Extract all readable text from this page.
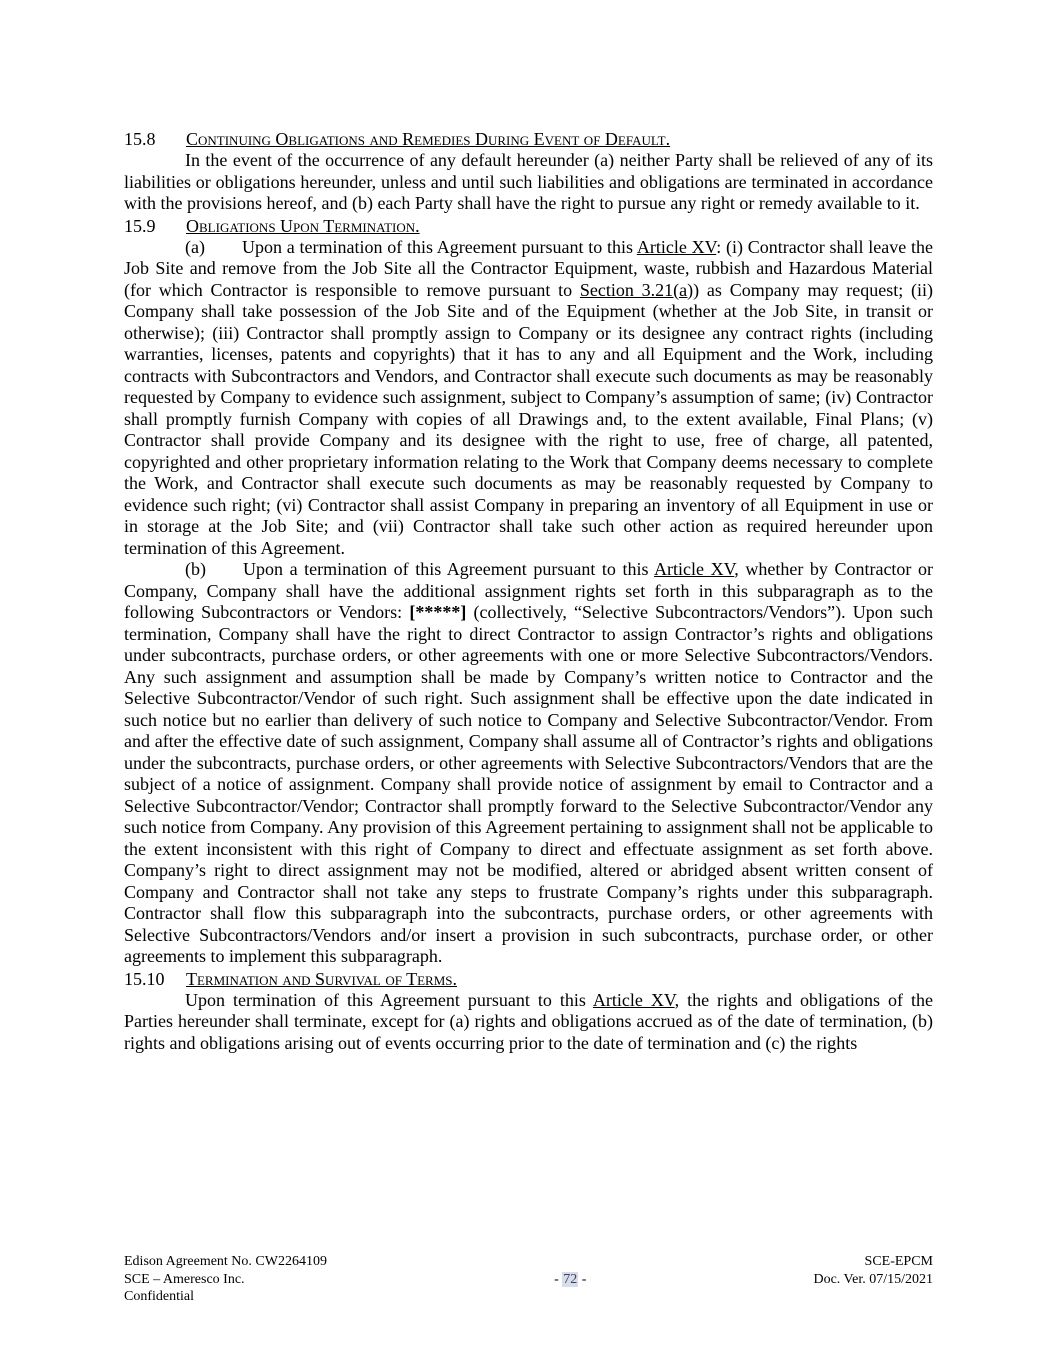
15.8 Continuing Obligations and Remedies During Event of Default.

In the event of the occurrence of any default hereunder (a) neither Party shall be relieved of any of its liabilities or obligations hereunder, unless and until such liabilities and obligations are terminated in accordance with the provisions hereof, and (b) each Party shall have the right to pursue any right or remedy available to it.

15.9 Obligations Upon Termination.

(a) Upon a termination of this Agreement pursuant to this Article XV: (i) Contractor shall leave the Job Site and remove from the Job Site all the Contractor Equipment, waste, rubbish and Hazardous Material (for which Contractor is responsible to remove pursuant to Section 3.21(a)) as Company may request; (ii) Company shall take possession of the Job Site and of the Equipment (whether at the Job Site, in transit or otherwise); (iii) Contractor shall promptly assign to Company or its designee any contract rights (including warranties, licenses, patents and copyrights) that it has to any and all Equipment and the Work, including contracts with Subcontractors and Vendors, and Contractor shall execute such documents as may be reasonably requested by Company to evidence such assignment, subject to Company’s assumption of same; (iv) Contractor shall promptly furnish Company with copies of all Drawings and, to the extent available, Final Plans; (v) Contractor shall provide Company and its designee with the right to use, free of charge, all patented, copyrighted and other proprietary information relating to the Work that Company deems necessary to complete the Work, and Contractor shall execute such documents as may be reasonably requested by Company to evidence such right; (vi) Contractor shall assist Company in preparing an inventory of all Equipment in use or in storage at the Job Site; and (vii) Contractor shall take such other action as required hereunder upon termination of this Agreement.

(b) Upon a termination of this Agreement pursuant to this Article XV, whether by Contractor or Company, Company shall have the additional assignment rights set forth in this subparagraph as to the following Subcontractors or Vendors: [*****] (collectively, “Selective Subcontractors/Vendors”). Upon such termination, Company shall have the right to direct Contractor to assign Contractor’s rights and obligations under subcontracts, purchase orders, or other agreements with one or more Selective Subcontractors/Vendors. Any such assignment and assumption shall be made by Company’s written notice to Contractor and the Selective Subcontractor/Vendor of such right. Such assignment shall be effective upon the date indicated in such notice but no earlier than delivery of such notice to Company and Selective Subcontractor/Vendor. From and after the effective date of such assignment, Company shall assume all of Contractor’s rights and obligations under the subcontracts, purchase orders, or other agreements with Selective Subcontractors/Vendors that are the subject of a notice of assignment. Company shall provide notice of assignment by email to Contractor and a Selective Subcontractor/Vendor; Contractor shall promptly forward to the Selective Subcontractor/Vendor any such notice from Company. Any provision of this Agreement pertaining to assignment shall not be applicable to the extent inconsistent with this right of Company to direct and effectuate assignment as set forth above. Company’s right to direct assignment may not be modified, altered or abridged absent written consent of Company and Contractor shall not take any steps to frustrate Company’s rights under this subparagraph. Contractor shall flow this subparagraph into the subcontracts, purchase orders, or other agreements with Selective Subcontractors/Vendors and/or insert a provision in such subcontracts, purchase order, or other agreements to implement this subparagraph.

15.10 Termination and Survival of Terms.

Upon termination of this Agreement pursuant to this Article XV, the rights and obligations of the Parties hereunder shall terminate, except for (a) rights and obligations accrued as of the date of termination, (b) rights and obligations arising out of events occurring prior to the date of termination and (c) the rights

Edison Agreement No. CW2264109
SCE – Ameresco Inc.
Confidential
- 72 -
SCE-EPCM
Doc. Ver. 07/15/2021
